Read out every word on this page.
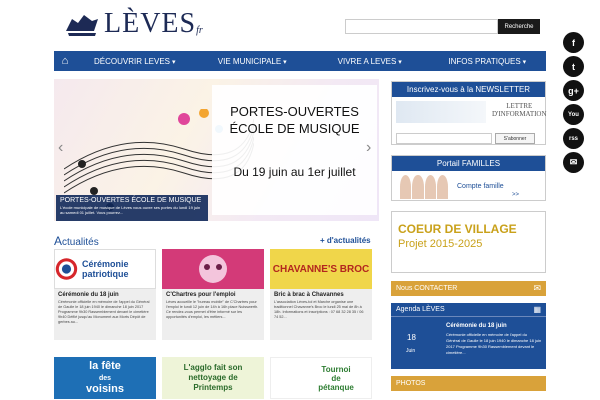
LÈVES fr	Recherche
f
t
g+
You
rss
✉
⌂	DÉCOUVRIR LEVES ▾	VIE MUNICIPALE ▾	VIVRE A LEVES ▾	INFOS PRATIQUES ▾
‹
PORTES-OUVERTES
ÉCOLE DE MUSIQUE
Du 19 juin au 1er juillet
›
PORTES-OUVERTES ÉCOLE DE MUSIQUE
L'école municipale de musique de Lèves vous ouvre ses portes du lundi 19 juin au samedi 01 juillet. Vous pourrez...
Inscrivez-vous à la NEWSLETTER
LETTRE D'INFORMATION
S'abonner
Portail FAMILLES
Compte famille
>>
COEUR DE VILLAGE
Projet 2015-2025
Nous CONTACTER ✉
Agenda LÈVES	▦
18
Juin
Cérémonie du 18 juin
Cérémonie officielle en mémoire de l'appel du Général de Gaulle le 18 juin 1940 le dimanche 18 juin 2017 Programme 9h30 Rassemblement devant le cimetière...
PHOTOS
Actualités	+ d'actualités
Cérémonie patriotique
Cérémonie du 18 juin
Cérémonie officielle en mémoire de l'appel du Général de Gaulle le 18 juin 1940 le dimanche 18 juin 2017 Programme 9h30 Rassemblement devant le cimetière 9h40 Défilé jusqu'au Monument aux Morts Dépôt de gerbes au...
C'Chartres pour l'emploi
Lèves accueille le "bureau mobile" de C'Chartres pour l'emploi le lundi 12 juin de 14h à 16h place Nuisswerth. Ce rendez-vous permet d'être informé sur les opportunités d'emploi, les métiers...
CHAVANNE'S BROC
Bric à brac à Chavannes
L'association Lèves-tol et Marche organise une traditionnel Chavanne's Broc le lundi 25 mai de 8h à 18h. Informations et inscriptions : 07 68 32 28 35 / 06 74 52...
la fête
des
voisins
L'agglo fait son
nettoyage de
Printemps
Tournoi
de
pétanque
